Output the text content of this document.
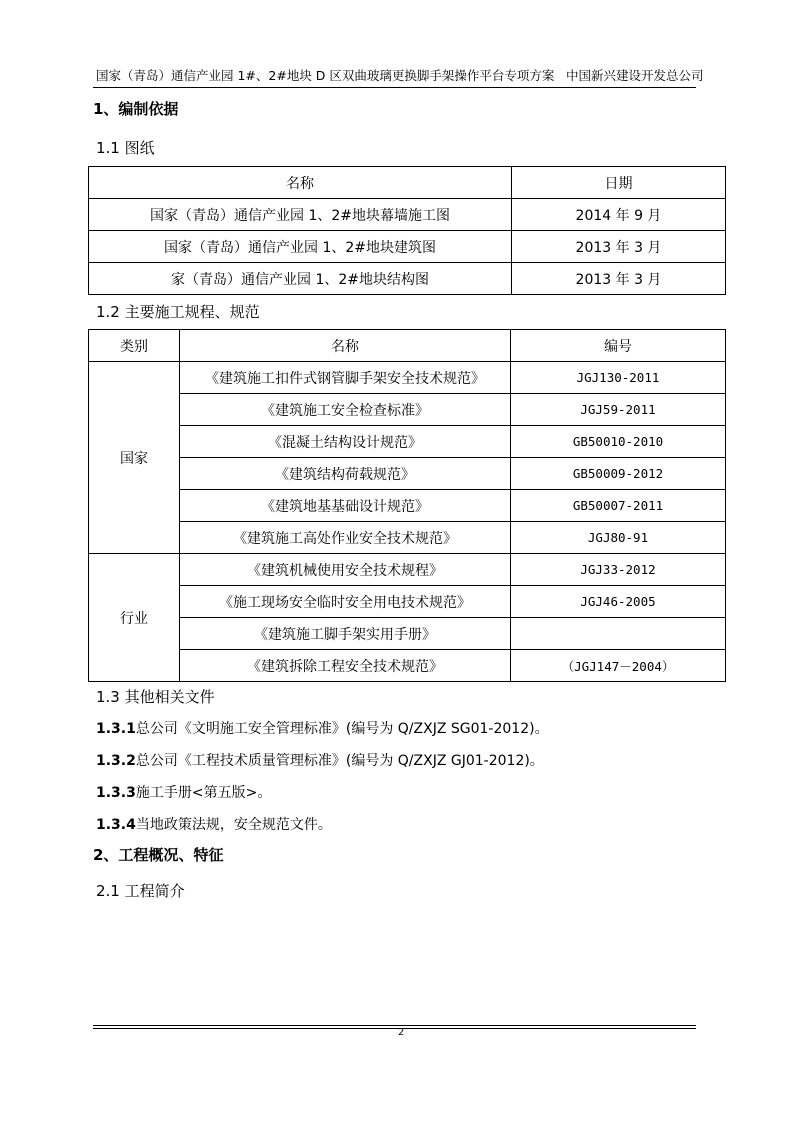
国家（青岛）通信产业园 1#、2#地块 D 区双曲玻璃更换脚手架操作平台专项方案 中国新兴建设开发总公司
1、编制依据
1.1 图纸
名称	日期
国家（青岛）通信产业园 1、2#地块幕墙施工图	2014 年 9 月
国家（青岛）通信产业园 1、2#地块建筑图	2013 年 3 月
家（青岛）通信产业园 1、2#地块结构图	2013 年 3 月
1.2 主要施工规程、规范
类别	名称	编号
国家	《建筑施工扣件式钢管脚手架安全技术规范》	JGJ130-2011
	《建筑施工安全检查标准》	JGJ59-2011
	《混凝土结构设计规范》	GB50010-2010
	《建筑结构荷载规范》	GB50009-2012
	《建筑地基基础设计规范》	GB50007-2011
	《建筑施工高处作业安全技术规范》	JGJ80-91
行业	《建筑机械使用安全技术规程》	JGJ33-2012
	《施工现场安全临时安全用电技术规范》	JGJ46-2005
	《建筑施工脚手架实用手册》	
	《建筑拆除工程安全技术规范》	（JGJ147－2004）
1.3 其他相关文件
1.3.1总公司《文明施工安全管理标准》(编号为 Q/ZXJZ SG01-2012)。
1.3.2总公司《工程技术质量管理标准》(编号为 Q/ZXJZ GJ01-2012)。
1.3.3施工手册<第五版>。
1.3.4当地政策法规，安全规范文件。
2、工程概况、特征
2.1 工程简介
2
